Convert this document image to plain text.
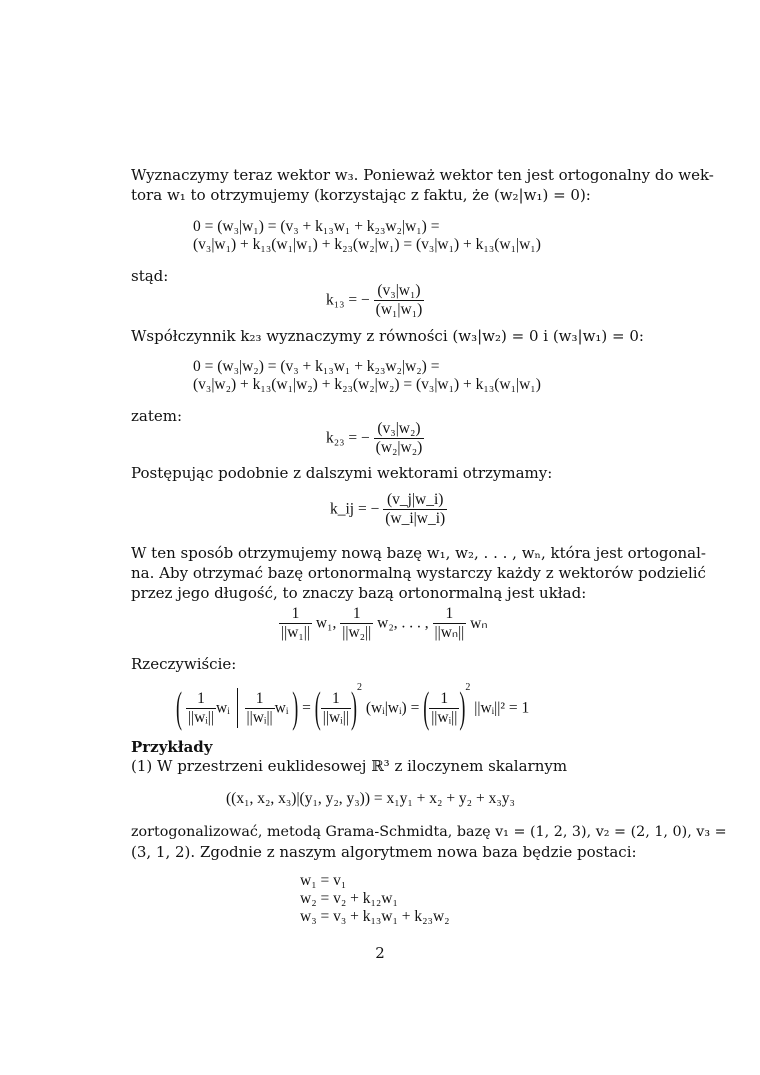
Wyznaczymy teraz wektor w₃. Ponieważ wektor ten jest ortogonalny do wek-
tora w₁ to otrzymujemy (korzystając z faktu, że (w₂|w₁) = 0):
0 = (w₃|w₁) = (v₃ + k₁₃w₁ + k₂₃w₂|w₁) =
(v₃|w₁) + k₁₃(w₁|w₁) + k₂₃(w₂|w₁) = (v₃|w₁) + k₁₃(w₁|w₁)
stąd:
k₁₃ = − $\frac{\text{(v₃|w₁)}}{\text{(w₁|w₁)}}$
Współczynnik k₂₃ wyznaczymy z równości (w₃|w₂) = 0 i (w₃|w₁) = 0:
0 = (w₃|w₂) = (v₃ + k₁₃w₁ + k₂₃w₂|w₂) =
(v₃|w₂) + k₁₃(w₁|w₂) + k₂₃(w₂|w₂) = (v₃|w₁) + k₁₃(w₁|w₁)
zatem:
k₂₃ = − $\frac{\text{(v₃|w₂)}}{\text{(w₂|w₂)}}$
Postępując podobnie z dalszymi wektorami otrzymamy:
k_ij = − $\frac{(v\_j|w\_i)}{(w\_i|w\_i)}$
W ten sposób otrzymujemy nową bazę w₁, w₂, . . . , wₙ, która jest ortogonal-
na. Aby otrzymać bazę ortonormalną wystarczy każdy z wektorów podzielić
przez jego długość, to znaczy bazą ortonormalną jest układ:
$\frac{1}{\text{||w₁||}} w_1$, $\frac{1}{\text{||w₂||}} w_2$, . . . , $\frac{1}{\text{||wₙ||}}$ wₙ
Rzeczywiście:
( $\frac{1}{\text{||wᵢ||}}$ wᵢ $\frac{1}{\text{||wᵢ||}}$ wᵢ ) = ( $\frac{1}{\text{||wᵢ||}} )^2$ (wᵢ|wᵢ) = ( $\frac{1}{\text{||wᵢ||}} )^2$ ||wᵢ||² = 1
Przykłady
(1) W przestrzeni euklidesowej ℝ³ z iloczynem skalarnym
((x₁, x₂, x₃)|(y₁, y₂, y₃)) = x₁y₁ + x₂ + y₂ + x₃y₃
zortogonalizować, metodą Grama-Schmidta, bazę v₁ = (1, 2, 3), v₂ = (2, 1, 0), v₃ =
(3, 1, 2). Zgodnie z naszym algorytmem nowa baza będzie postaci:
w₁ = v₁
w₂ = v₂ + k₁₂w₁
w₃ = v₃ + k₁₃w₁ + k₂₃w₂
2
